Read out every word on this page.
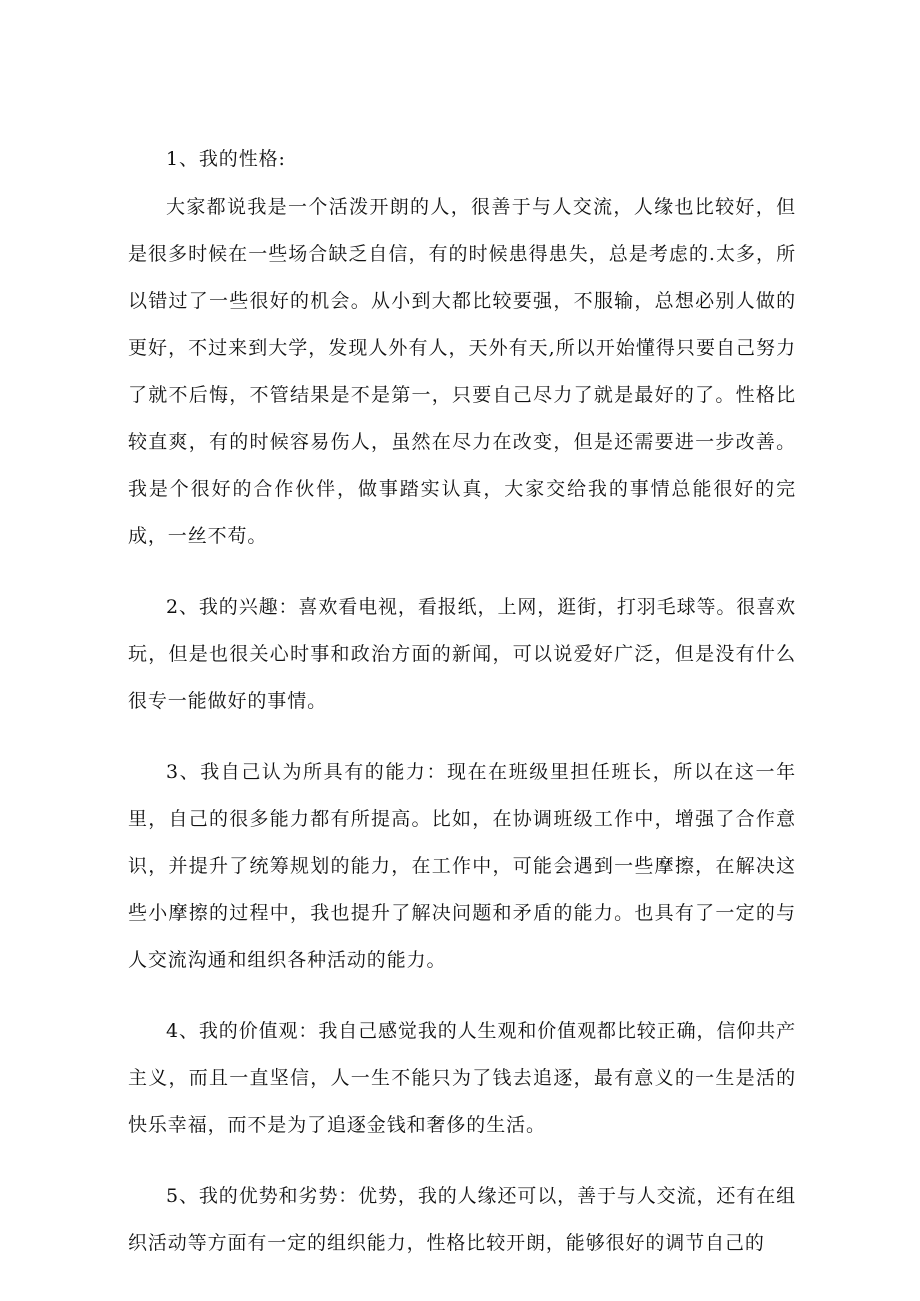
1、我的性格:

大家都说我是一个活泼开朗的人，很善于与人交流，人缘也比较好，但是很多时候在一些场合缺乏自信，有的时候患得患失，总是考虑的.太多，所以错过了一些很好的机会。从小到大都比较要强，不服输，总想必别人做的更好，不过来到大学，发现人外有人，天外有天,所以开始懂得只要自己努力了就不后悔，不管结果是不是第一，只要自己尽力了就是最好的了。性格比较直爽，有的时候容易伤人，虽然在尽力在改变，但是还需要进一步改善。我是个很好的合作伙伴，做事踏实认真，大家交给我的事情总能很好的完成，一丝不苟。

2、我的兴趣：喜欢看电视，看报纸，上网，逛街，打羽毛球等。很喜欢玩，但是也很关心时事和政治方面的新闻，可以说爱好广泛，但是没有什么很专一能做好的事情。

3、我自己认为所具有的能力：现在在班级里担任班长，所以在这一年里，自己的很多能力都有所提高。比如，在协调班级工作中，增强了合作意识，并提升了统筹规划的能力，在工作中，可能会遇到一些摩擦，在解决这些小摩擦的过程中，我也提升了解决问题和矛盾的能力。也具有了一定的与人交流沟通和组织各种活动的能力。

4、我的价值观：我自己感觉我的人生观和价值观都比较正确，信仰共产主义，而且一直坚信，人一生不能只为了钱去追逐，最有意义的一生是活的快乐幸福，而不是为了追逐金钱和奢侈的生活。

5、我的优势和劣势：优势，我的人缘还可以，善于与人交流，还有在组织活动等方面有一定的组织能力，性格比较开朗，能够很好的调节自己的
